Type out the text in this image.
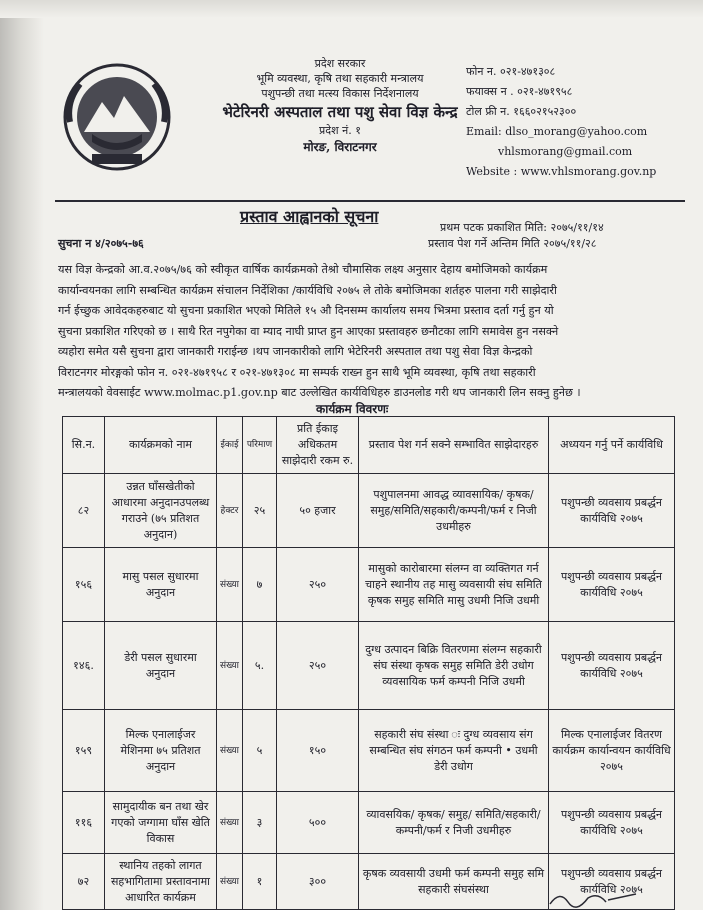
प्रदेश सरकार
भूमि व्यवस्था, कृषि तथा सहकारी मन्त्रालय
पशुपन्छी तथा मत्स्य विकास निर्देशनालय
भेटेरिनरी अस्पताल तथा पशु सेवा विज्ञ केन्द्र
प्रदेश नं. १
मोरङ, विराटनगर
फोन न. ०२१-४७१३०८
फयाक्स न . ०२१-४७१९५८
टोल फ्री न. १६६०२१५२३००
Email: dlso_morang@yahoo.com
vhlsmorang@gmail.com
Website : www.vhlsmorang.gov.np
प्रस्ताव आह्वानको सूचना
प्रथम पटक प्रकाशित मिति: २०७५/११/१४
प्रस्ताव पेश गर्ने अन्तिम मिति २०७५/११/२८
सुचना न ४/२०७५-७६
यस विज्ञ केन्द्रको आ.व.२०७५/७६ को स्वीकृत वार्षिक कार्यक्रमको तेश्रो चौमासिक लक्ष्य अनुसार देहाय बमोजिमको कार्यक्रम
कार्यान्वयनका लागि सम्बन्धित कार्यक्रम संचालन निर्देशिका /कार्यविधि २०७५ ले तोके बमोजिमका शर्तहरु पालना गरी साझेदारी
गर्न ईच्छुक आवेदकहरुबाट यो सुचना प्रकाशित भएको मितिले १५ औ दिनसम्म कार्यालय समय भित्रमा प्रस्ताव दर्ता गर्नु हुन यो
सुचना प्रकाशित गरिएको छ । साथै रित नपुगेका वा म्याद नाघी प्राप्त हुन आएका प्रस्तावहरु छनौटका लागि समावेस हुन नसक्ने
व्यहोरा समेत यसै सुचना द्वारा जानकारी गराईन्छ ।थप जानकारीको लागि भेटेरिनरी अस्पताल तथा पशु सेवा विज्ञ केन्द्रको
विराटनगर मोरङ्गको फोन न. ०२१-४७१९५८ र ०२१-४७१३०८ मा सम्पर्क राख्न हुन साथै भूमि व्यवस्था, कृषि तथा सहकारी
मन्त्रालयको वेवसाईट www.molmac.p1.gov.np बाट उल्लेखित कार्यविधिहरु डाउनलोड गरी थप जानकारी लिन सक्नु हुनेछ ।
कार्यक्रम विवरणः
सि.न.	कार्यक्रमको नाम	ईकाई	परिमाण	प्रति ईकाइ अधिकतम साझेदारी रकम रु.	प्रस्ताव पेश गर्न सक्ने सम्भावित साझेदारहरु	अध्ययन गर्नु पर्ने कार्यविधि
८२	उन्नत घाँसखेतीको आधारमा अनुदानउपलब्ध गराउने (७५ प्रतिशत अनुदान)	हेक्टर	२५	५० हजार	पशुपालनमा आवद्ध व्यावसायिक/ कृषक/ समुह/समिति/सहकारी/कम्पनी/फर्म र निजी उधमीहरु	पशुपन्छी व्यवसाय प्रबर्द्धन कार्यविधि २०७५
१५६	मासु पसल सुधारमा अनुदान	संख्या	७	२५०	मासुको कारोबारमा संलग्न वा व्यक्तिगत गर्न चाहने स्थानीय तह मासु व्यवसायी संघ समिति कृषक समुह समिति मासु उधमी निजि उधमी	पशुपन्छी व्यवसाय प्रबर्द्धन कार्यविधि २०७५
१४६.	डेरी पसल सुधारमा अनुदान	संख्या	५.	२५०	दुग्ध उत्पादन बिक्रि वितरणमा संलग्न सहकारी संघ संस्था कृषक समुह समिति डेरी उधोग व्यवसायिक फर्म कम्पनी निजि उधमी	पशुपन्छी व्यवसाय प्रबर्द्धन कार्यविधि २०७५
१५९	मिल्क एनालाईजर मेशिनमा ७५ प्रतिशत अनुदान	संख्या	५	१५०	सहकारी संघ संस्था ः दुग्ध व्यवसाय संग सम्बन्धित संघ संगठन फर्म कम्पनी • उधमी डेरी उधोग	मिल्क एनालाईजर वितरण कार्यक्रम कार्यान्वयन कार्यविधि २०७५
११६	सामुदायीक बन तथा खेर गएको जग्गामा घाँस खेति विकास	संख्या	३	५००	व्यावसयिक/ कृषक/ समुह/ समिति/सहकारी/कम्पनी/फर्म र निजी उधमीहरु	पशुपन्छी व्यवसाय प्रबर्द्धन कार्यविधि २०७५
७२	स्थानिय तहको लागत सहभागितामा प्रस्तावनामा आधारित कार्यक्रम	संख्या	१	३००	कृषक व्यवसायी उधमी फर्म कम्पनी समुह समि सहकारी संघसंस्था	पशुपन्छी व्यवसाय प्रबर्द्धन कार्यविधि २०७५
